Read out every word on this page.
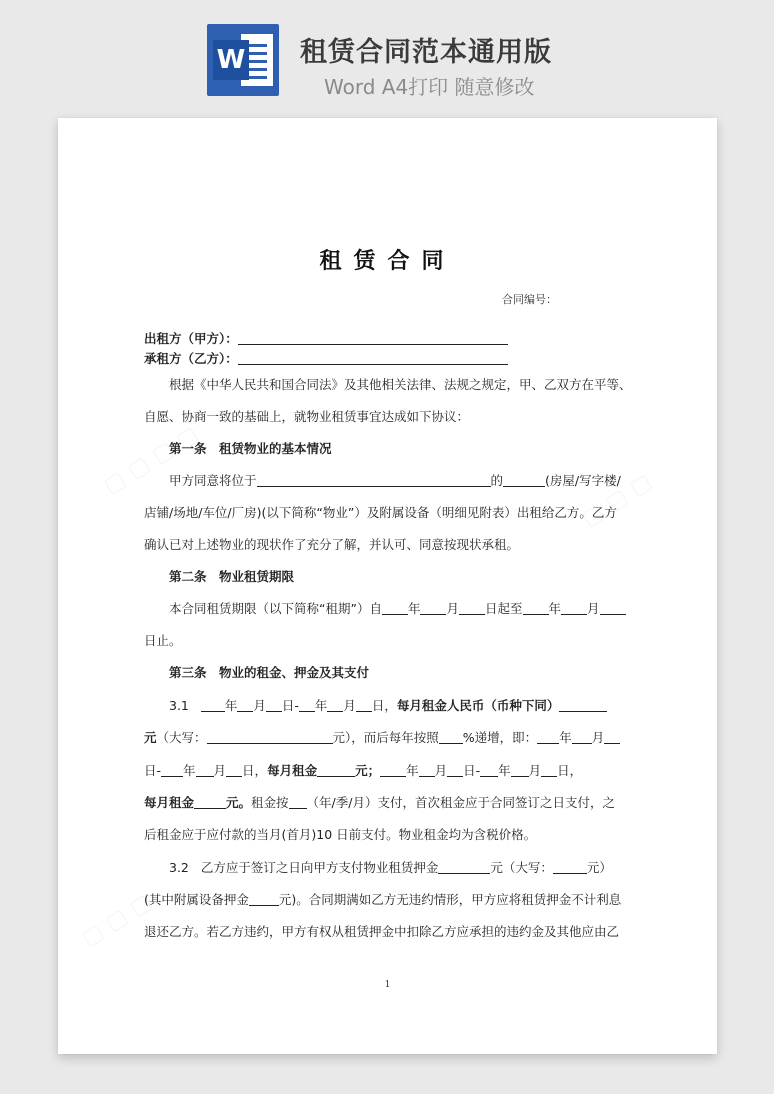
W 租赁合同范本通用版
Word A4打印 随意修改
租赁合同
合同编号：
出租方（甲方）：
承租方（乙方）：
根据《中华人民共和国合同法》及其他相关法律、法规之规定，甲、乙双方在平等、
自愿、协商一致的基础上，就物业租赁事宜达成如下协议：
第一条　租赁物业的基本情况
甲方同意将位于	的	(房屋/写字楼/
店铺/场地/车位/厂房)(以下简称“物业”）及附属设备（明细见附表）出租给乙方。乙方
确认已对上述物业的现状作了充分了解，并认可、同意按现状承租。
第二条　物业租赁期限
本合同租赁期限（以下简称“租期”）自 年 月 日起至 年 月
日止。
第三条　物业的租金、押金及其支付
3.1	年 月 日- 年 月 日，每月租金人民币（币种下同）
元（大写：	元），而后每年按照 %递增，即： 年 月
日- 年 月 日，每月租金	元； 年 月 日- 年 月 日，
每月租金	元。租金按 （年/季/月）支付，首次租金应于合同签订之日支付，之
后租金应于应付款的当月(首月)10 日前支付。物业租金均为含税价格。
3.2 乙方应于签订之日向甲方支付物业租赁押金	元（大写：	元）
(其中附属设备押金 元)。合同期满如乙方无违约情形，甲方应将租赁押金不计利息
退还乙方。若乙方违约，甲方有权从租赁押金中扣除乙方应承担的违约金及其他应由乙
1
